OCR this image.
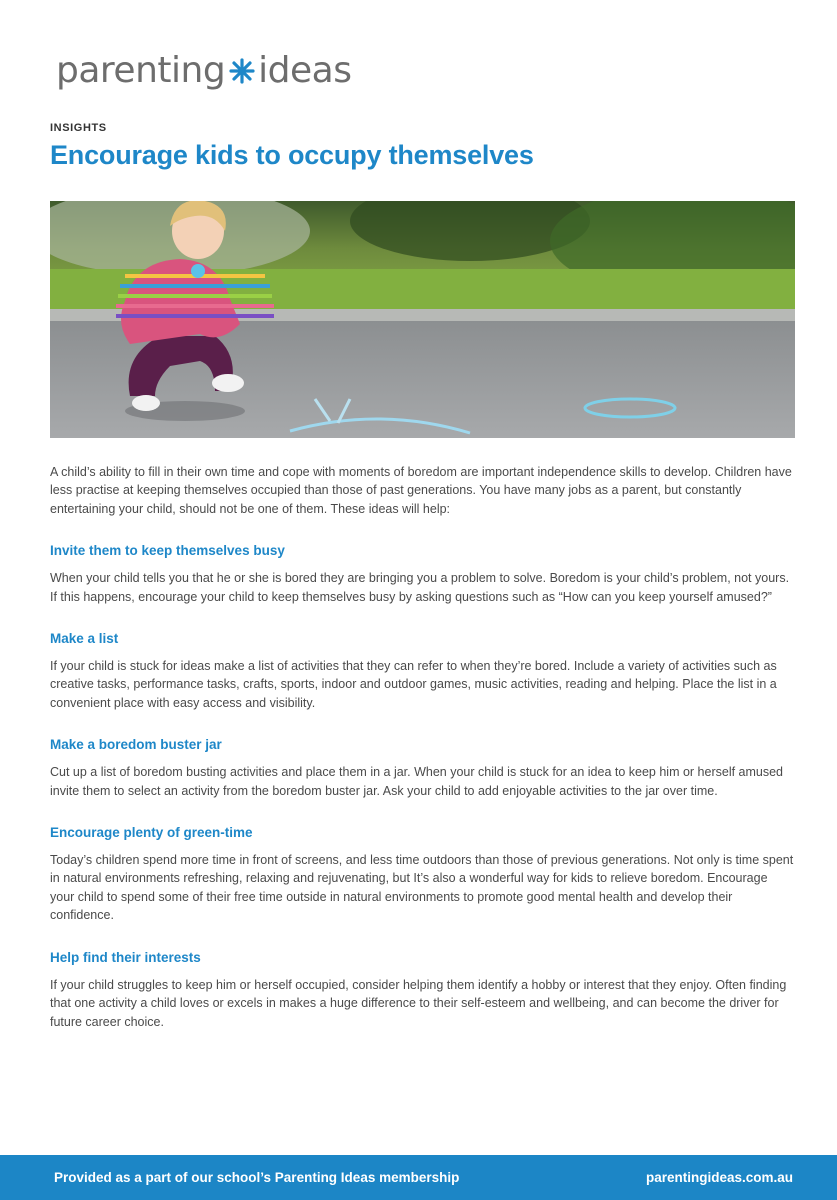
parenting ideas
INSIGHTS
Encourage kids to occupy themselves

A child’s ability to fill in their own time and cope with moments of boredom are important independence skills to develop. Children have less practise at keeping themselves occupied than those of past generations. You have many jobs as a parent, but constantly entertaining your child, should not be one of them. These ideas will help:

Invite them to keep themselves busy

When your child tells you that he or she is bored they are bringing you a problem to solve. Boredom is your child’s problem, not yours. If this happens, encourage your child to keep themselves busy by asking questions such as “How can you keep yourself amused?”

Make a list

If your child is stuck for ideas make a list of activities that they can refer to when they’re bored. Include a variety of activities such as creative tasks, performance tasks, crafts, sports, indoor and outdoor games, music activities, reading and helping. Place the list in a convenient place with easy access and visibility.

Make a boredom buster jar

Cut up a list of boredom busting activities and place them in a jar. When your child is stuck for an idea to keep him or herself amused invite them to select an activity from the boredom buster jar. Ask your child to add enjoyable activities to the jar over time.

Encourage plenty of green-time

Today’s children spend more time in front of screens, and less time outdoors than those of previous generations. Not only is time spent in natural environments refreshing, relaxing and rejuvenating, but It’s also a wonderful way for kids to relieve boredom. Encourage your child to spend some of their free time outside in natural environments to promote good mental health and develop their confidence.

Help find their interests

If your child struggles to keep him or herself occupied, consider helping them identify a hobby or interest that they enjoy. Often finding that one activity a child loves or excels in makes a huge difference to their self-esteem and wellbeing, and can become the driver for future career choice.

Provided as a part of our school’s Parenting Ideas membership	parentingideas.com.au
